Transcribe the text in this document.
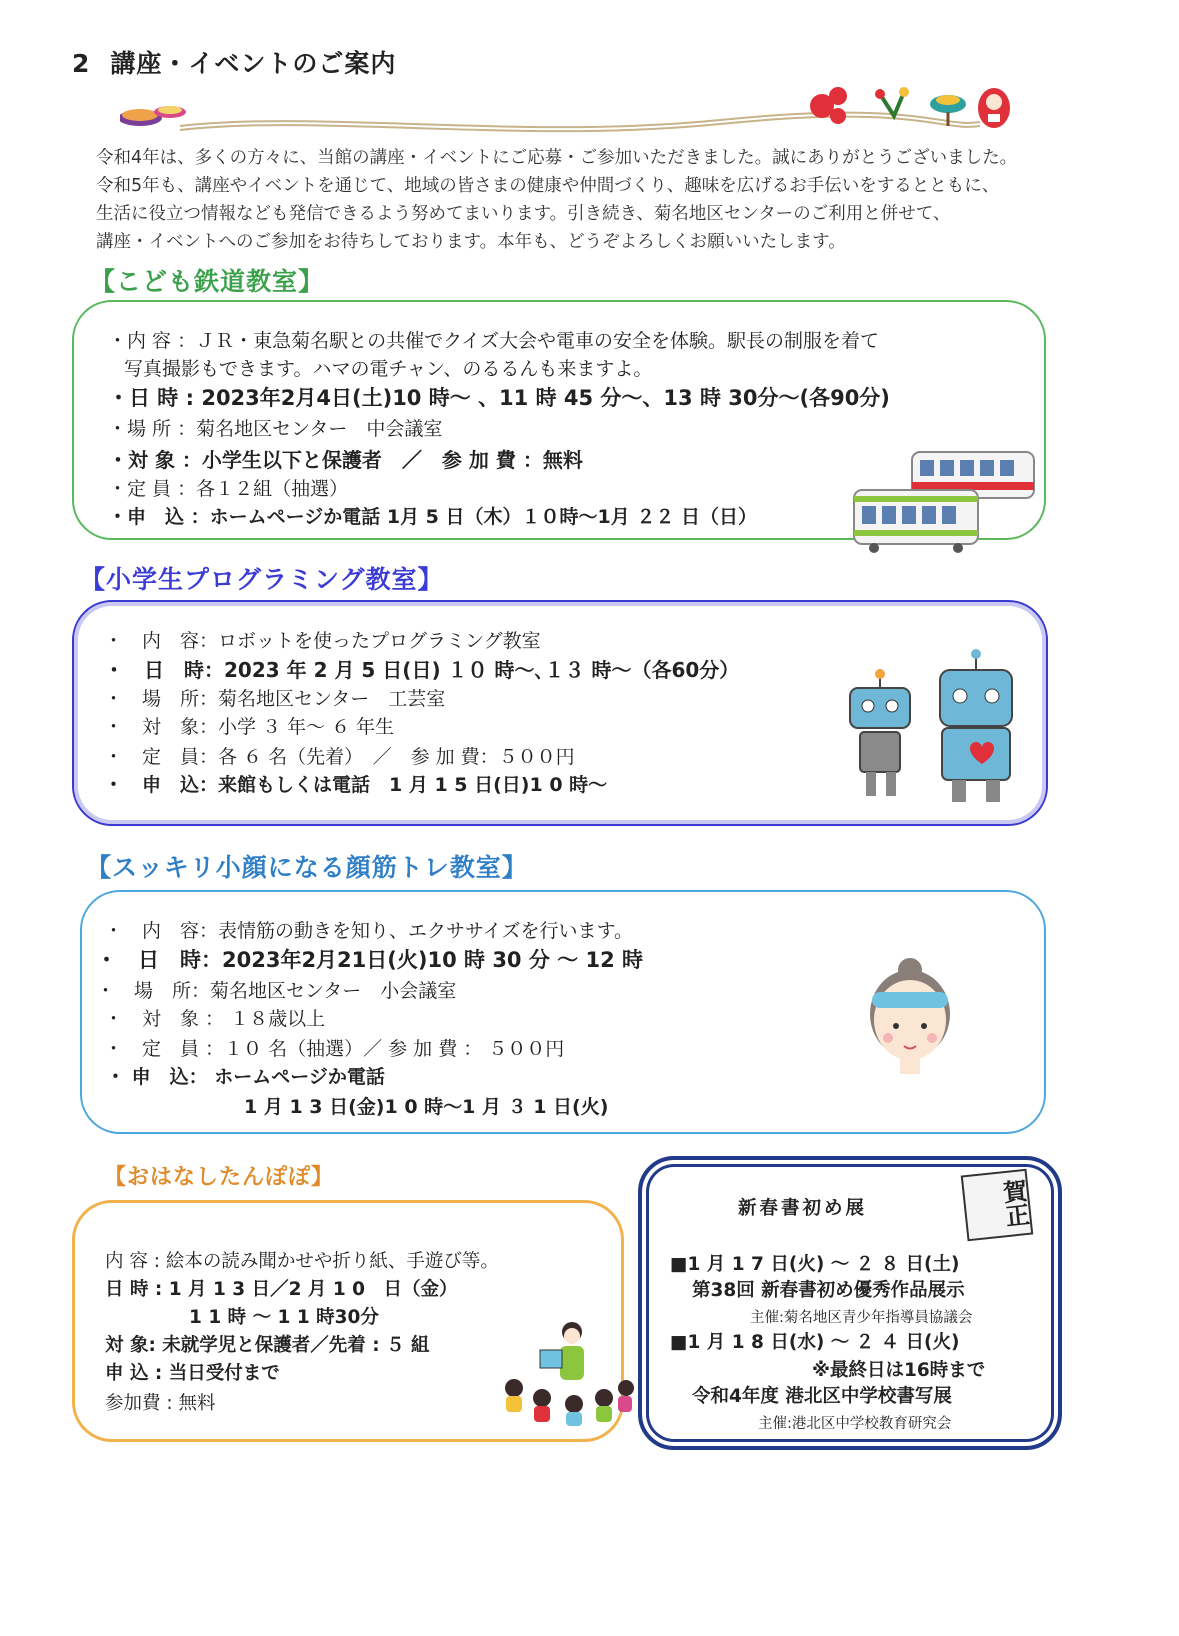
2 講座・イベントのご案内

令和4年は、多くの方々に、当館の講座・イベントにご応募・ご参加いただきました。誠にありがとうございました。

令和5年も、講座やイベントを通じて、地域の皆さまの健康や仲間づくり、趣味を広げるお手伝いをするとともに、

生活に役立つ情報なども発信できるよう努めてまいります。引き続き、菊名地区センターのご利用と併せて、

講座・イベントへのご参加をお待ちしております。本年も、どうぞよろしくお願いいたします。

【こども鉄道教室】
・内 容 ：ＪＲ・東急菊名駅との共催でクイズ大会や電車の安全を体験。駅長の制服を着て
写真撮影もできます。ハマの電チャン、のるるんも来ますよ。
・日 時 : 2023年2月4日(土)10 時～ 、11 時 45 分～、13 時 30分～(各90分)
・場 所 ：菊名地区センター　中会議室
・対 象 ：小学生以下と保護者　／　参 加 費 ：無料
・定 員 ：各１２組（抽選）
・申　込 ：ホームページか電話 1月 5 日（木）１０時～1月 ２２ 日（日）
【小学生プログラミング教室】
・　内　容：ロボットを使ったプログラミング教室
・　日　時：2023 年 2 月 5 日(日) １０ 時～､１３ 時～（各60分）
・　場　所：菊名地区センター　工芸室
・　対　象：小学 ３ 年～ ６ 年生
・　定　員：各 ６ 名（先着）　／　参 加 費：５００円
・　申　込：来館もしくは電話　1 月 1 5 日(日)1 0 時～
【スッキリ小顔になる顔筋トレ教室】
・　内　容：表情筋の動きを知り、エクササイズを行います。
・　日　時：2023年2月21日(火)10 時 30 分 ～ 12 時
・　場　所：菊名地区センター　小会議室
・　対　象 ： １８歳以上
・　定　員 ：１０ 名（抽選）／ 参 加 費 ： ５００円
・ 申　込： ホームページか電話
1 月 1 3 日(金)1 0 時～1 月 ３ 1 日(火)
【おはなしたんぽぽ】
内 容 : 絵本の読み聞かせや折り紙、手遊び等。
日 時 : 1 月 1 3 日／2 月 1 0　日（金）
1 1 時 ～ 1 1 時30分
対 象: 未就学児と保護者／先着 : ５ 組
申 込 : 当日受付まで
参加費 : 無料
新春書初め展	賀正
■1 月 1 7 日(火) ～ ２ ８ 日(土)
第38回 新春書初め優秀作品展示
主催:菊名地区青少年指導員協議会
■1 月 1 8 日(水) ～ ２ ４ 日(火)
※最終日は16時まで
令和4年度 港北区中学校書写展
主催:港北区中学校教育研究会
